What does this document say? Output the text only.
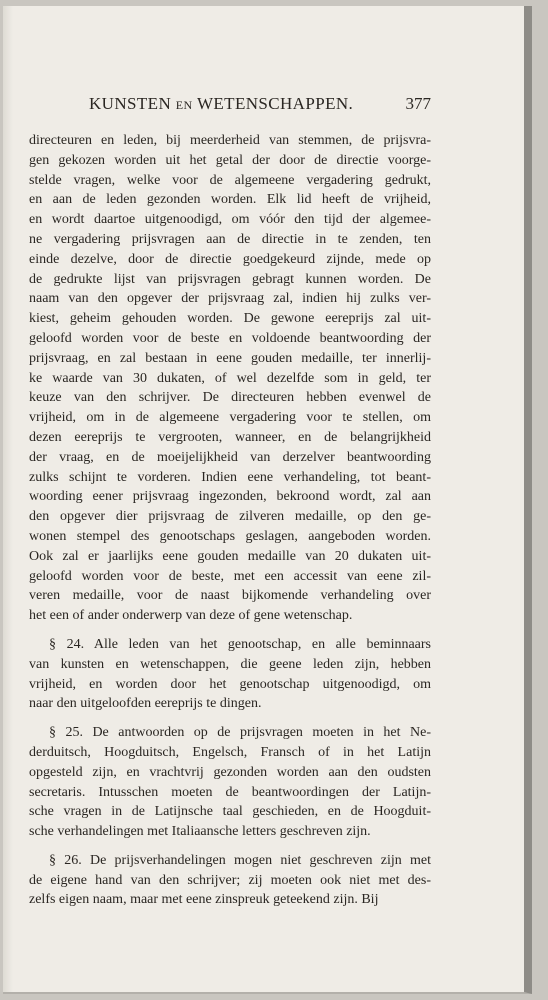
KUNSTEN EN WETENSCHAPPEN.	377
directeuren en leden, bij meerderheid van stemmen, de prijsvra-
gen gekozen worden uit het getal der door de directie voorge-
stelde vragen, welke voor de algemeene vergadering gedrukt,
en aan de leden gezonden worden. Elk lid heeft de vrijheid,
en wordt daartoe uitgenoodigd, om vóór den tijd der algemee-
ne vergadering prijsvragen aan de directie in te zenden, ten
einde dezelve, door de directie goedgekeurd zijnde, mede op
de gedrukte lijst van prijsvragen gebragt kunnen worden. De
naam van den opgever der prijsvraag zal, indien hij zulks ver-
kiest, geheim gehouden worden. De gewone eereprijs zal uit-
geloofd worden voor de beste en voldoende beantwoording der
prijsvraag, en zal bestaan in eene gouden medaille, ter innerlij-
ke waarde van 30 dukaten, of wel dezelfde som in geld, ter
keuze van den schrijver. De directeuren hebben evenwel de
vrijheid, om in de algemeene vergadering voor te stellen, om
dezen eereprijs te vergrooten, wanneer, en de belangrijkheid
der vraag, en de moeijelijkheid van derzelver beantwoording
zulks schijnt te vorderen. Indien eene verhandeling, tot beant-
woording eener prijsvraag ingezonden, bekroond wordt, zal aan
den opgever dier prijsvraag de zilveren medaille, op den ge-
wonen stempel des genootschaps geslagen, aangeboden worden.
Ook zal er jaarlijks eene gouden medaille van 20 dukaten uit-
geloofd worden voor de beste, met een accessit van eene zil-
veren medaille, voor de naast bijkomende verhandeling over
het een of ander onderwerp van deze of gene wetenschap.
§ 24. Alle leden van het genootschap, en alle beminnaars
van kunsten en wetenschappen, die geene leden zijn, hebben
vrijheid, en worden door het genootschap uitgenoodigd, om
naar den uitgeloofden eereprijs te dingen.
§ 25. De antwoorden op de prijsvragen moeten in het Ne-
derduitsch, Hoogduitsch, Engelsch, Fransch of in het Latijn
opgesteld zijn, en vrachtvrij gezonden worden aan den oudsten
secretaris. Intusschen moeten de beantwoordingen der Latijn-
sche vragen in de Latijnsche taal geschieden, en de Hoogduit-
sche verhandelingen met Italiaansche letters geschreven zijn.
§ 26. De prijsverhandelingen mogen niet geschreven zijn met
de eigene hand van den schrijver; zij moeten ook niet met des-
zelfs eigen naam, maar met eene zinspreuk geteekend zijn. Bij
